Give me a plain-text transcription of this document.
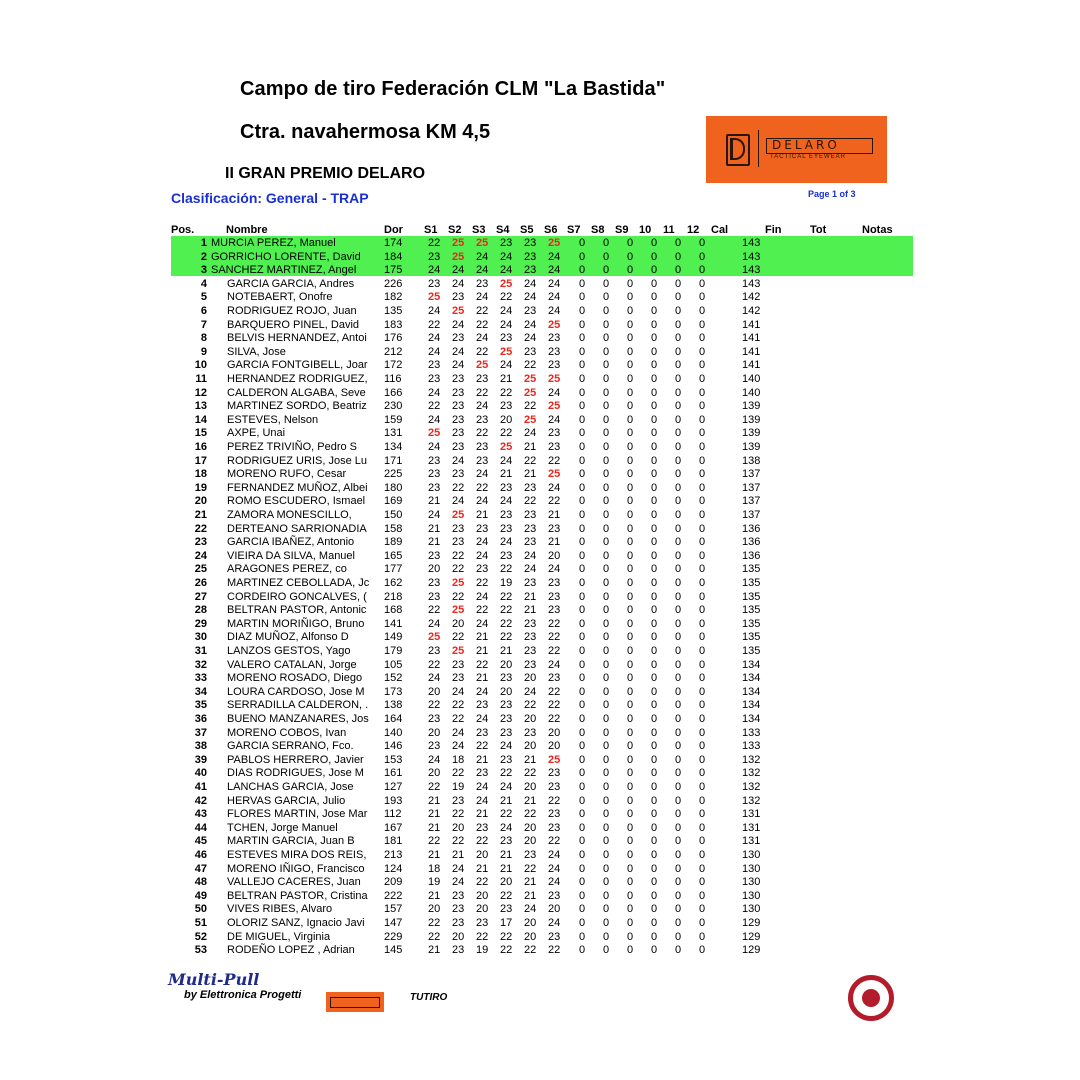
Campo de tiro Federación CLM "La Bastida"
Ctra. navahermosa KM 4,5
II GRAN PREMIO DELARO
Clasificación: General - TRAP	Page 1 of 3
DELARO
TACTICAL EYEWEAR
Pos.	Nombre	Dor S1 S2 S3 S4 S5 S6 S7 S8 S9 10 11 12 Cal	Fin	Tot	Notas
1 MURCIA PEREZ, Manuel	174 22 25 25 23 23 25 0 0 0 0 0 0	143
2 GORRICHO LORENTE, David	184 23 25 24 24 23 24 0 0 0 0 0 0	143
3 SANCHEZ MARTINEZ, Angel	175 24 24 24 24 23 24 0 0 0 0 0 0	143
4 GARCIA GARCIA, Andres	226 23 24 23 25 24 24 0 0 0 0 0 0	143
5 NOTEBAERT, Onofre	182 25 23 24 22 24 24 0 0 0 0 0 0	142
6 RODRIGUEZ ROJO, Juan	135 24 25 22 24 23 24 0 0 0 0 0 0	142
7 BARQUERO PINEL, David	183 22 24 22 24 24 25 0 0 0 0 0 0	141
8 BELVIS HERNANDEZ, Antoi	176 24 23 24 23 24 23 0 0 0 0 0 0	141
9 SILVA, Jose	212 24 24 22 25 23 23 0 0 0 0 0 0	141
10 GARCIA FONTGIBELL, Joar	172 23 24 25 24 22 23 0 0 0 0 0 0	141
11 HERNANDEZ RODRIGUEZ,	116 23 23 23 21 25 25 0 0 0 0 0 0	140
12 CALDERON ALGABA, Seve	166 24 23 22 22 25 24 0 0 0 0 0 0	140
13 MARTINEZ SORDO, Beatriz	230 22 23 24 23 22 25 0 0 0 0 0 0	139
14 ESTEVES, Nelson	159 24 23 23 20 25 24 0 0 0 0 0 0	139
15 AXPE, Unai	131 25 23 22 22 24 23 0 0 0 0 0 0	139
16 PEREZ TRIVIÑO, Pedro S	134 24 23 23 25 21 23 0 0 0 0 0 0	139
17 RODRIGUEZ URIS, Jose Lu	171 23 24 23 24 22 22 0 0 0 0 0 0	138
18 MORENO RUFO, Cesar	225 23 23 24 21 21 25 0 0 0 0 0 0	137
19 FERNANDEZ MUÑOZ, Albei	180 23 22 22 23 23 24 0 0 0 0 0 0	137
20 ROMO ESCUDERO, Ismael	169 21 24 24 24 22 22 0 0 0 0 0 0	137
21 ZAMORA MONESCILLO,	150 24 25 21 23 23 21 0 0 0 0 0 0	137
22 DERTEANO SARRIONADIA	158 21 23 23 23 23 23 0 0 0 0 0 0	136
23 GARCIA IBAÑEZ, Antonio	189 21 23 24 24 23 21 0 0 0 0 0 0	136
24 VIEIRA DA SILVA, Manuel	165 23 22 24 23 24 20 0 0 0 0 0 0	136
25 ARAGONES PEREZ, co	177 20 22 23 22 24 24 0 0 0 0 0 0	135
26 MARTINEZ CEBOLLADA, Jc	162 23 25 22 19 23 23 0 0 0 0 0 0	135
27 CORDEIRO GONCALVES, (	218 23 22 24 22 21 23 0 0 0 0 0 0	135
28 BELTRAN PASTOR, Antonic	168 22 25 22 22 21 23 0 0 0 0 0 0	135
29 MARTIN MORIÑIGO, Bruno	141 24 20 24 22 23 22 0 0 0 0 0 0	135
30 DIAZ MUÑOZ, Alfonso D	149 25 22 21 22 23 22 0 0 0 0 0 0	135
31 LANZOS GESTOS, Yago	179 23 25 21 21 23 22 0 0 0 0 0 0	135
32 VALERO CATALAN, Jorge	105 22 23 22 20 23 24 0 0 0 0 0 0	134
33 MORENO ROSADO, Diego	152 24 23 21 23 20 23 0 0 0 0 0 0	134
34 LOURA CARDOSO, Jose M	173 20 24 24 20 24 22 0 0 0 0 0 0	134
35 SERRADILLA CALDERON, .	138 22 22 23 23 22 22 0 0 0 0 0 0	134
36 BUENO MANZANARES, Jos	164 23 22 24 23 20 22 0 0 0 0 0 0	134
37 MORENO COBOS, Ivan	140 20 24 23 23 23 20 0 0 0 0 0 0	133
38 GARCIA SERRANO, Fco.	146 23 24 22 24 20 20 0 0 0 0 0 0	133
39 PABLOS HERRERO, Javier	153 24 18 21 23 21 25 0 0 0 0 0 0	132
40 DIAS RODRIGUES, Jose M	161 20 22 23 22 22 23 0 0 0 0 0 0	132
41 LANCHAS GARCIA, Jose	127 22 19 24 24 20 23 0 0 0 0 0 0	132
42 HERVAS GARCIA, Julio	193 21 23 24 21 21 22 0 0 0 0 0 0	132
43 FLORES MARTIN, Jose Mar	112 21 22 21 22 22 23 0 0 0 0 0 0	131
44 TCHEN, Jorge Manuel	167 21 20 23 24 20 23 0 0 0 0 0 0	131
45 MARTIN GARCIA, Juan B	181 22 22 22 23 20 22 0 0 0 0 0 0	131
46 ESTEVES MIRA DOS REIS,	213 21 21 20 21 23 24 0 0 0 0 0 0	130
47 MORENO IÑIGO, Francisco	124 18 24 21 21 22 24 0 0 0 0 0 0	130
48 VALLEJO CACERES, Juan	209 19 24 22 20 21 24 0 0 0 0 0 0	130
49 BELTRAN PASTOR, Cristina	222 21 23 20 22 21 23 0 0 0 0 0 0	130
50 VIVES RIBES, Alvaro	157 20 23 20 23 24 20 0 0 0 0 0 0	130
51 OLORIZ SANZ, Ignacio Javi	147 22 23 23 17 20 24 0 0 0 0 0 0	129
52 DE MIGUEL, Virginia	229 22 20 22 22 20 23 0 0 0 0 0 0	129
53 RODEÑO LOPEZ , Adrian	145 21 23 19 22 22 22 0 0 0 0 0 0	129
Multi-Pull
by Elettronica Progetti	TUTIRO
